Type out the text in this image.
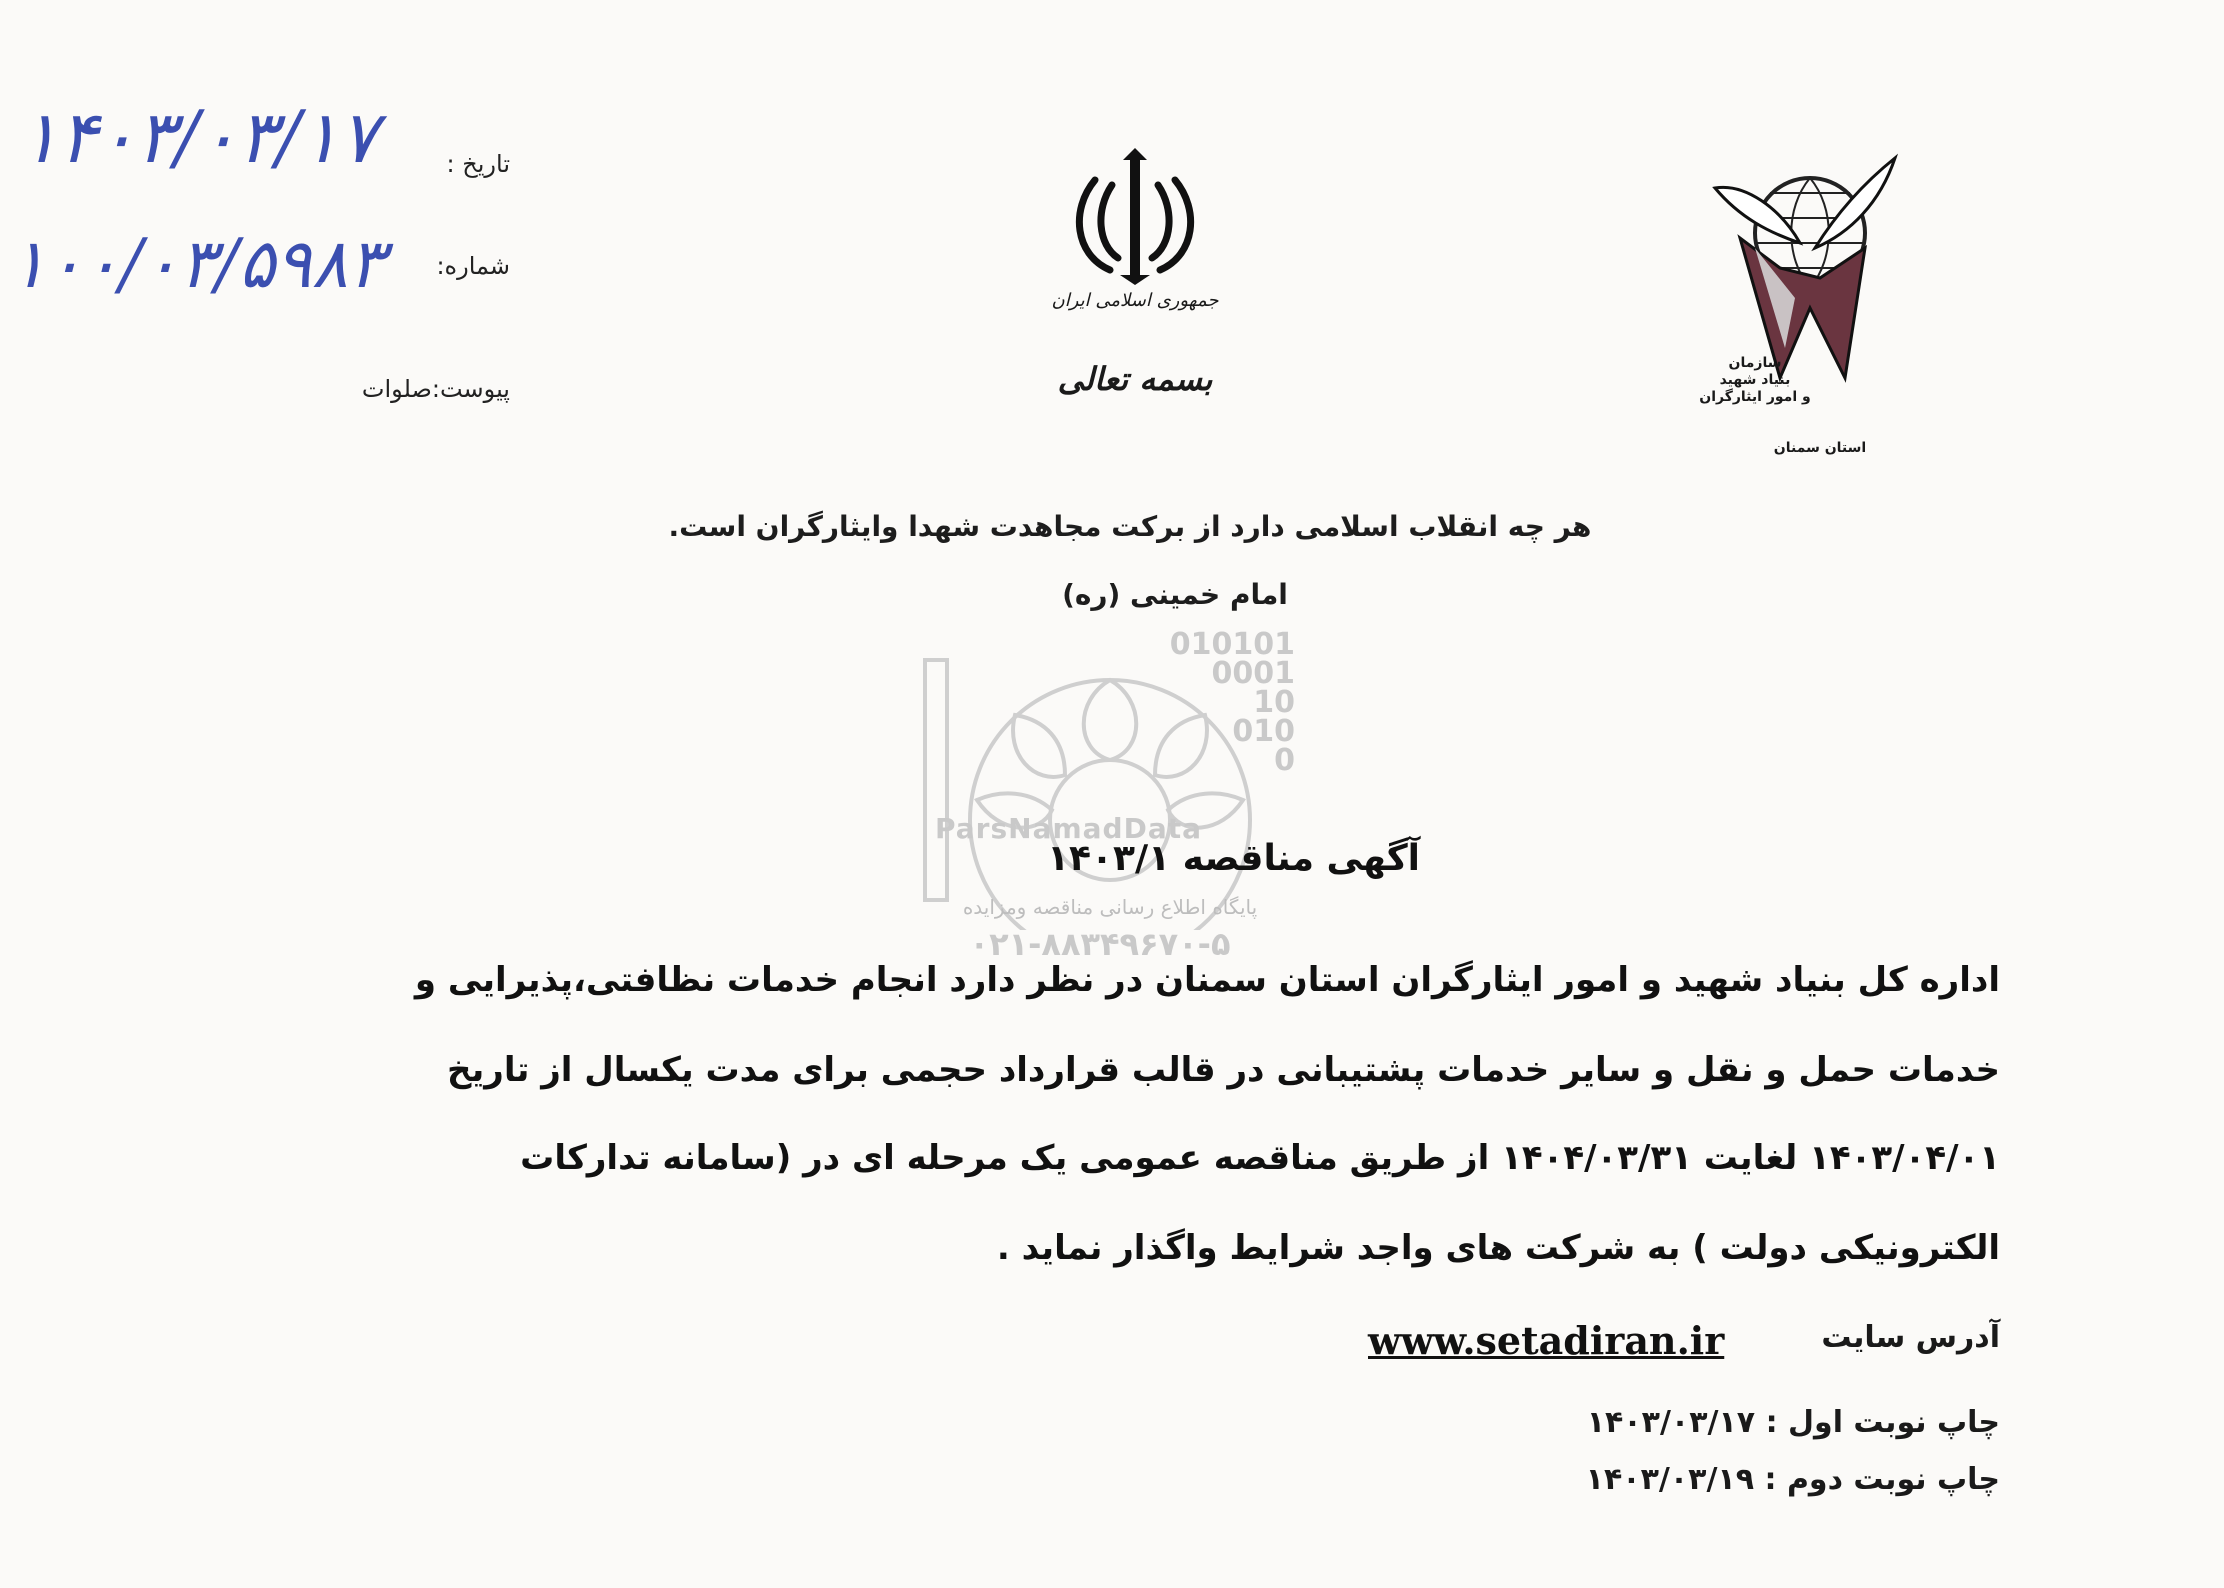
۱۴۰۳/۰۳/۱۷
۱۰۰/۰۳/۵۹۸۳
تاریخ :
شماره:
پیوست:صلوات
جمهوری اسلامی ایران
بسمه تعالی	سازمان
بنیاد شهید
و امور ایثارگران
استان سمنان
هر چه انقلاب اسلامی دارد از برکت مجاهدت شهدا وایثارگران است.
امام خمینی (ره)
010101
0001
10
010
0
ParsNamadData
پایگاه اطلاع رسانی مناقصه ومزایده
۰۲۱-۸۸۳۴۹۶۷۰-۵
آگهی مناقصه ۱۴۰۳/۱
اداره کل بنیاد شهید و امور ایثارگران استان سمنان در نظر دارد انجام خدمات نظافتی،پذیرایی و
خدمات حمل و نقل و سایر خدمات پشتیبانی در قالب قرارداد حجمی برای مدت یکسال از تاریخ
۱۴۰۳/۰۴/۰۱ لغایت ۱۴۰۴/۰۳/۳۱ از طریق مناقصه عمومی یک مرحله ای در (سامانه تدارکات
الکترونیکی دولت ) به شرکت های واجد شرایط واگذار نماید .
آدرس سایت
www.setadiran.ir
چاپ نوبت اول : ۱۴۰۳/۰۳/۱۷
چاپ نوبت دوم : ۱۴۰۳/۰۳/۱۹
